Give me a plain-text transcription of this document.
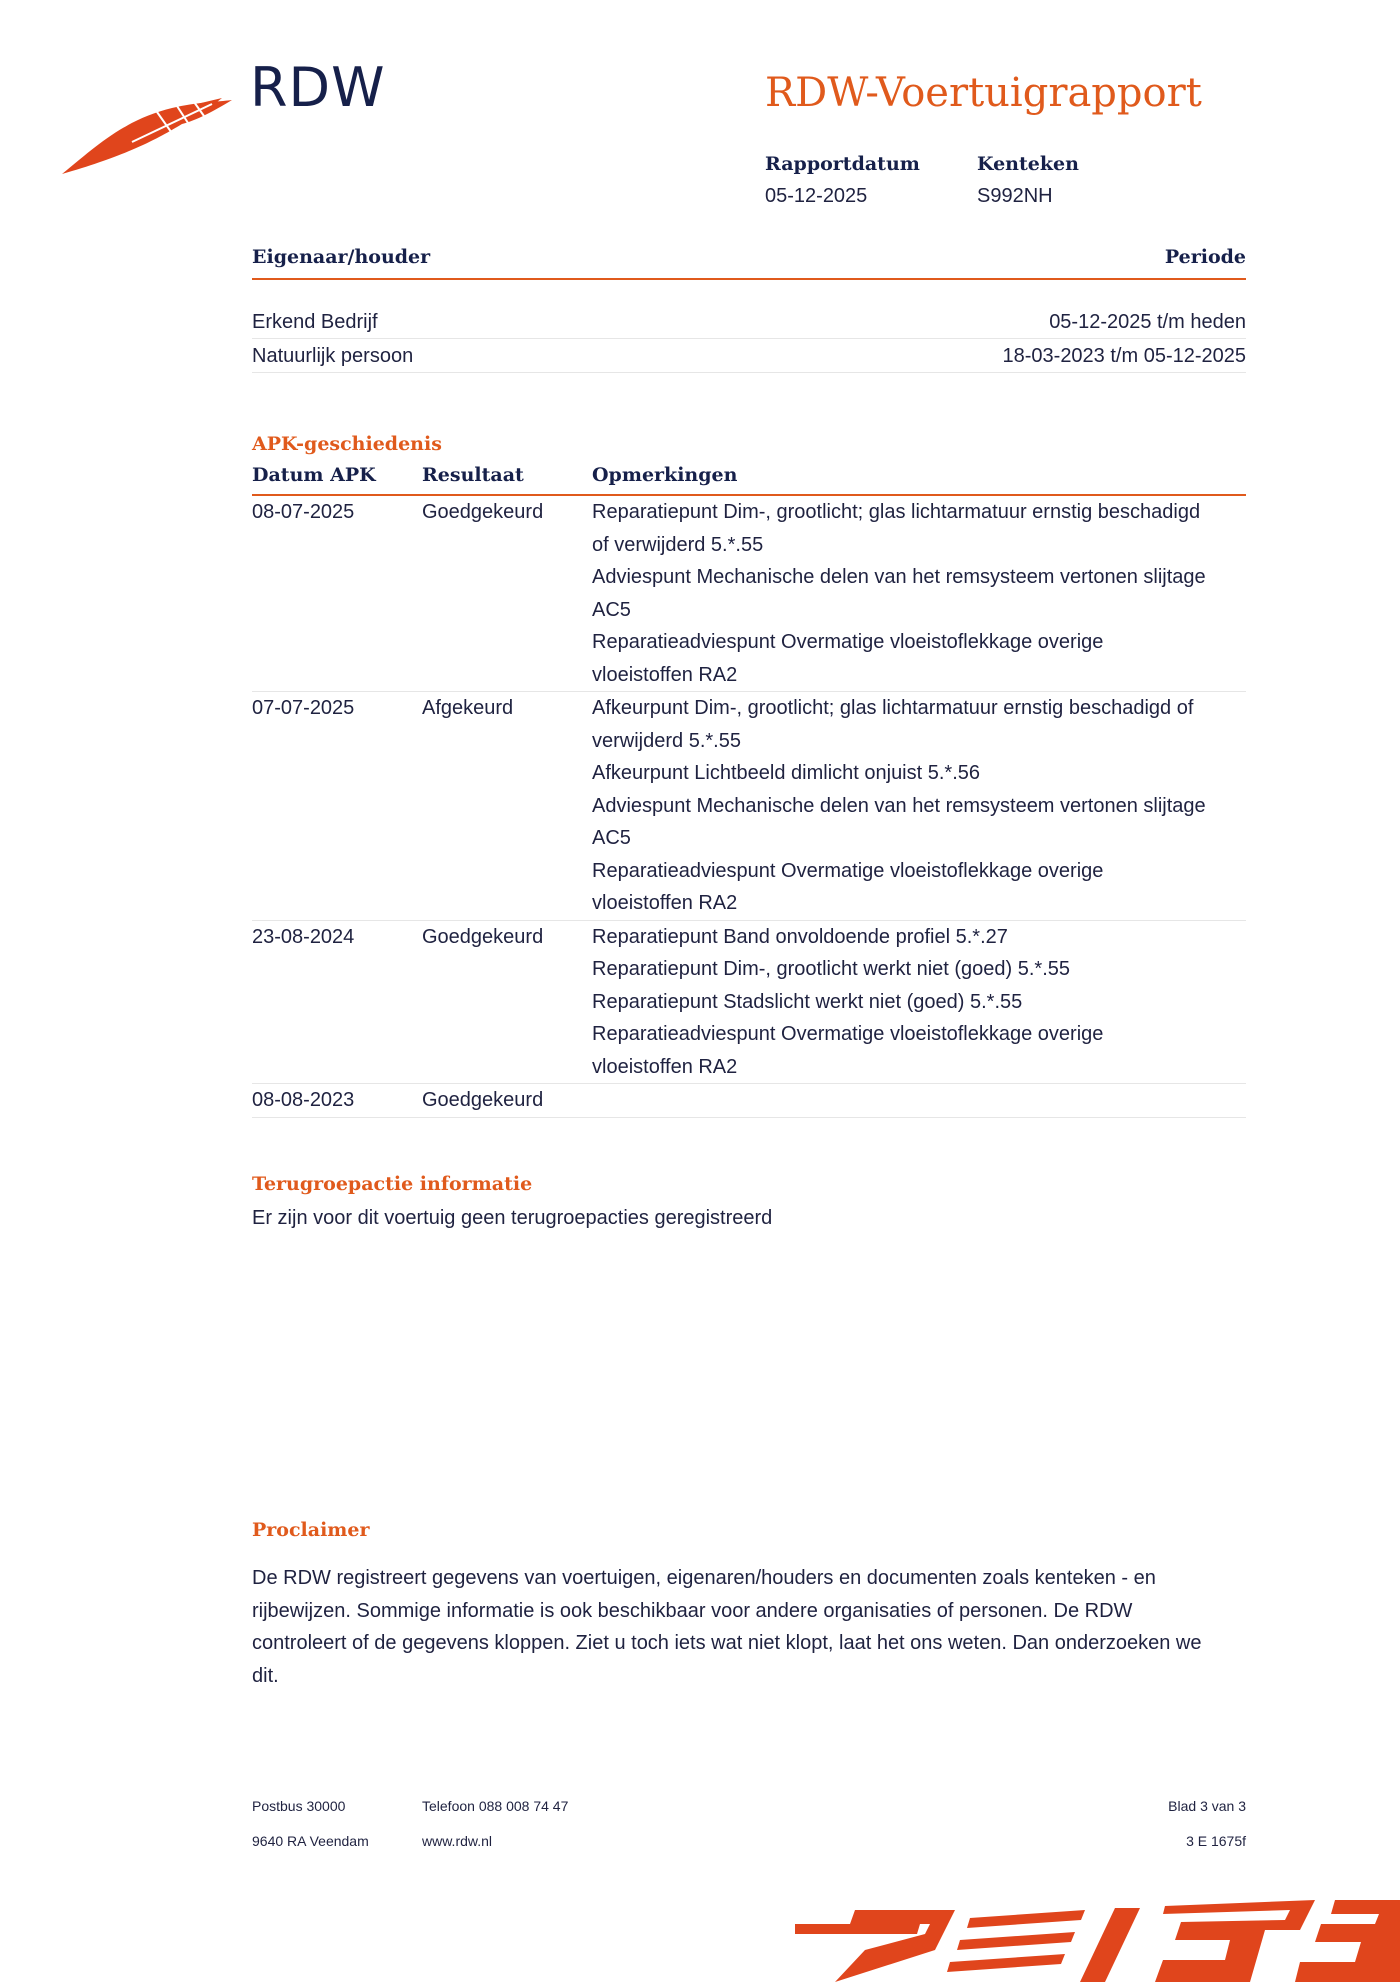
RDW	RDW-Voertuigrapport
Rapportdatum
05-12-2025
Kenteken
S992NH
Eigenaar/houder	Periode
Erkend Bedrijf	05-12-2025 t/m heden
Natuurlijk persoon	18-03-2023 t/m 05-12-2025
APK-geschiedenis
Datum APK	Resultaat	Opmerkingen
08-07-2025	Goedgekeurd	Reparatiepunt Dim-, grootlicht; glas lichtarmatuur ernstig beschadigd of verwijderd 5.*.55
Adviespunt Mechanische delen van het remsysteem vertonen slijtage AC5
Reparatieadviespunt Overmatige vloeistoflekkage overige vloeistoffen RA2

07-07-2025	Afgekeurd	Afkeurpunt Dim-, grootlicht; glas lichtarmatuur ernstig beschadigd of verwijderd 5.*.55
Afkeurpunt Lichtbeeld dimlicht onjuist 5.*.56
Adviespunt Mechanische delen van het remsysteem vertonen slijtage AC5
Reparatieadviespunt Overmatige vloeistoflekkage overige vloeistoffen RA2

23-08-2024	Goedgekeurd	Reparatiepunt Band onvoldoende profiel 5.*.27
Reparatiepunt Dim-, grootlicht werkt niet (goed) 5.*.55
Reparatiepunt Stadslicht werkt niet (goed) 5.*.55
Reparatieadviespunt Overmatige vloeistoflekkage overige vloeistoffen RA2

08-08-2023	Goedgekeurd	
Terugroepactie informatie
Er zijn voor dit voertuig geen terugroepacties geregistreerd
Proclaimer
De RDW registreert gegevens van voertuigen, eigenaren/houders en documenten zoals kenteken - en rijbewijzen. Sommige informatie is ook beschikbaar voor andere organisaties of personen. De RDW controleert of de gegevens kloppen. Ziet u toch iets wat niet klopt, laat het ons weten. Dan onderzoeken we dit.
Postbus 30000
9640 RA Veendam
Telefoon 088 008 74 47
www.rdw.nl
Blad 3 van 3
3 E 1675f
